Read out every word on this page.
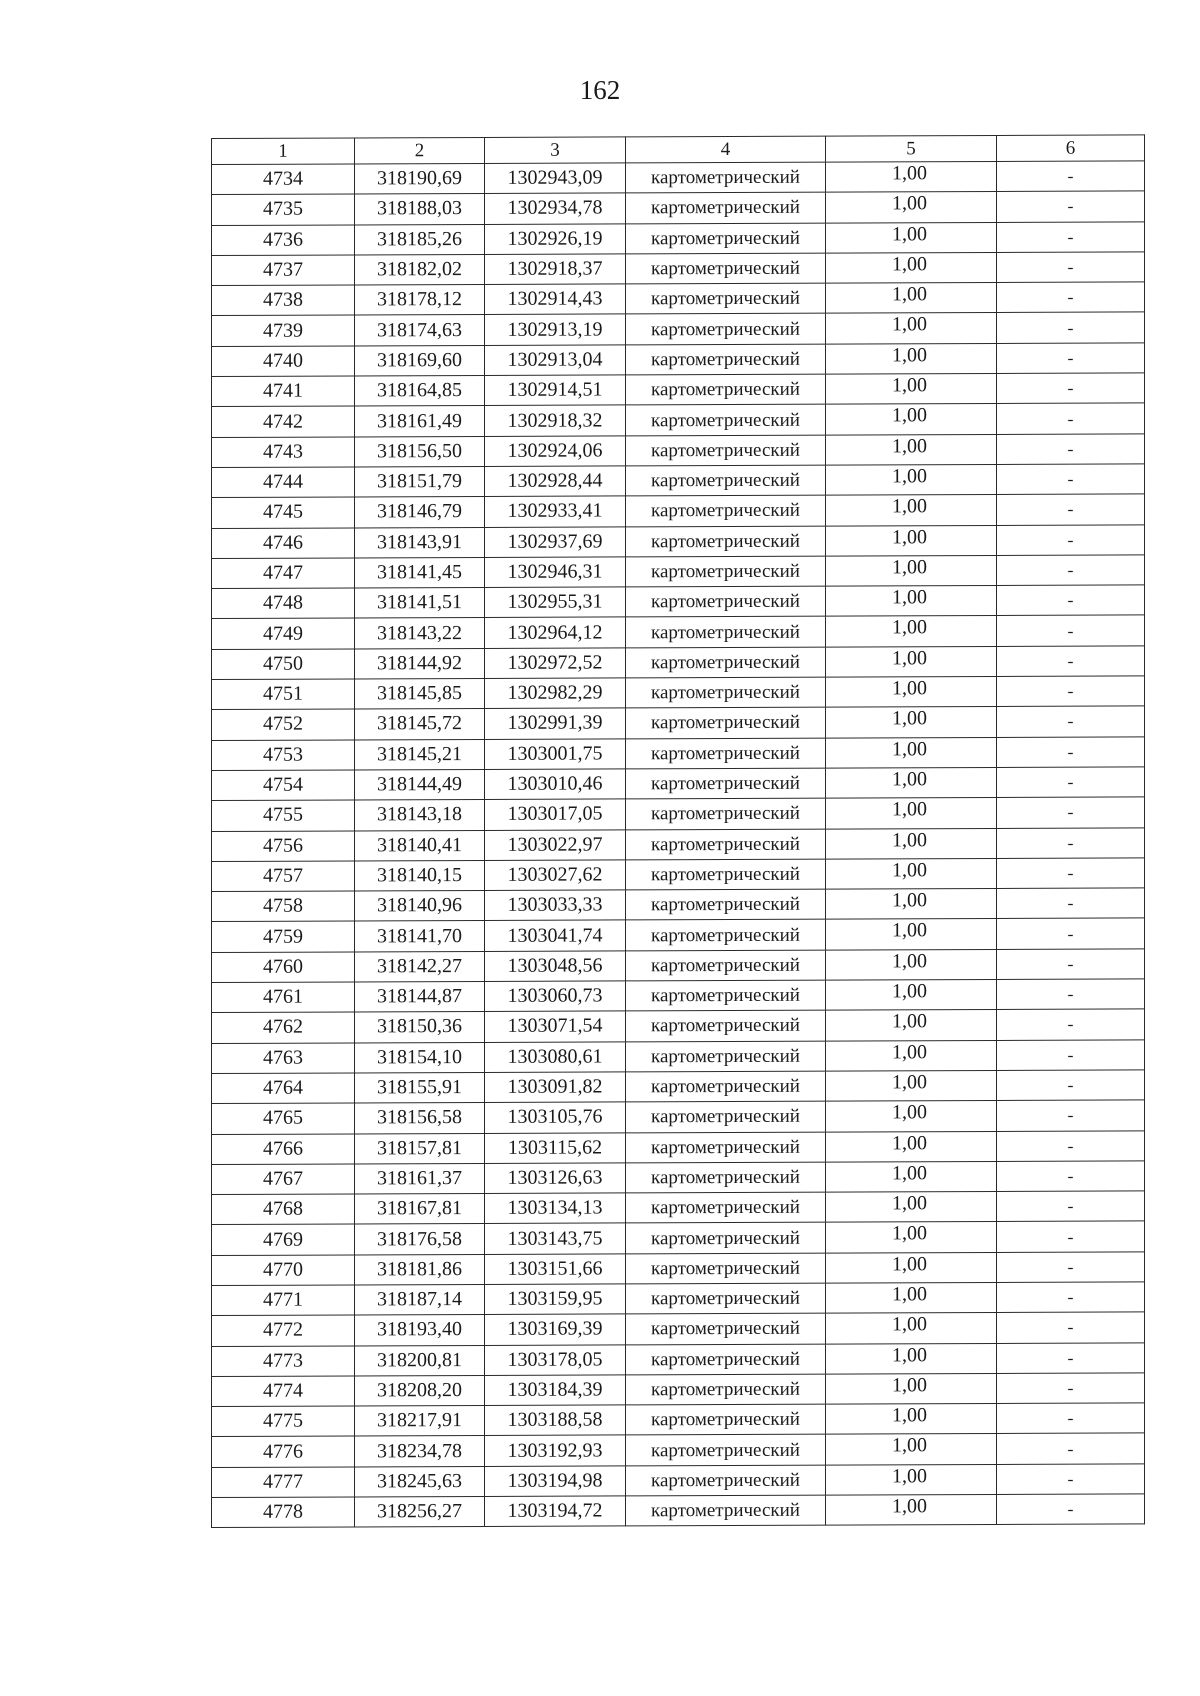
162
1	2	3	4	5	6
4734	318190,69	1302943,09	картометрический	1,00	-
4735	318188,03	1302934,78	картометрический	1,00	-
4736	318185,26	1302926,19	картометрический	1,00	-
4737	318182,02	1302918,37	картометрический	1,00	-
4738	318178,12	1302914,43	картометрический	1,00	-
4739	318174,63	1302913,19	картометрический	1,00	-
4740	318169,60	1302913,04	картометрический	1,00	-
4741	318164,85	1302914,51	картометрический	1,00	-
4742	318161,49	1302918,32	картометрический	1,00	-
4743	318156,50	1302924,06	картометрический	1,00	-
4744	318151,79	1302928,44	картометрический	1,00	-
4745	318146,79	1302933,41	картометрический	1,00	-
4746	318143,91	1302937,69	картометрический	1,00	-
4747	318141,45	1302946,31	картометрический	1,00	-
4748	318141,51	1302955,31	картометрический	1,00	-
4749	318143,22	1302964,12	картометрический	1,00	-
4750	318144,92	1302972,52	картометрический	1,00	-
4751	318145,85	1302982,29	картометрический	1,00	-
4752	318145,72	1302991,39	картометрический	1,00	-
4753	318145,21	1303001,75	картометрический	1,00	-
4754	318144,49	1303010,46	картометрический	1,00	-
4755	318143,18	1303017,05	картометрический	1,00	-
4756	318140,41	1303022,97	картометрический	1,00	-
4757	318140,15	1303027,62	картометрический	1,00	-
4758	318140,96	1303033,33	картометрический	1,00	-
4759	318141,70	1303041,74	картометрический	1,00	-
4760	318142,27	1303048,56	картометрический	1,00	-
4761	318144,87	1303060,73	картометрический	1,00	-
4762	318150,36	1303071,54	картометрический	1,00	-
4763	318154,10	1303080,61	картометрический	1,00	-
4764	318155,91	1303091,82	картометрический	1,00	-
4765	318156,58	1303105,76	картометрический	1,00	-
4766	318157,81	1303115,62	картометрический	1,00	-
4767	318161,37	1303126,63	картометрический	1,00	-
4768	318167,81	1303134,13	картометрический	1,00	-
4769	318176,58	1303143,75	картометрический	1,00	-
4770	318181,86	1303151,66	картометрический	1,00	-
4771	318187,14	1303159,95	картометрический	1,00	-
4772	318193,40	1303169,39	картометрический	1,00	-
4773	318200,81	1303178,05	картометрический	1,00	-
4774	318208,20	1303184,39	картометрический	1,00	-
4775	318217,91	1303188,58	картометрический	1,00	-
4776	318234,78	1303192,93	картометрический	1,00	-
4777	318245,63	1303194,98	картометрический	1,00	-
4778	318256,27	1303194,72	картометрический	1,00	-
